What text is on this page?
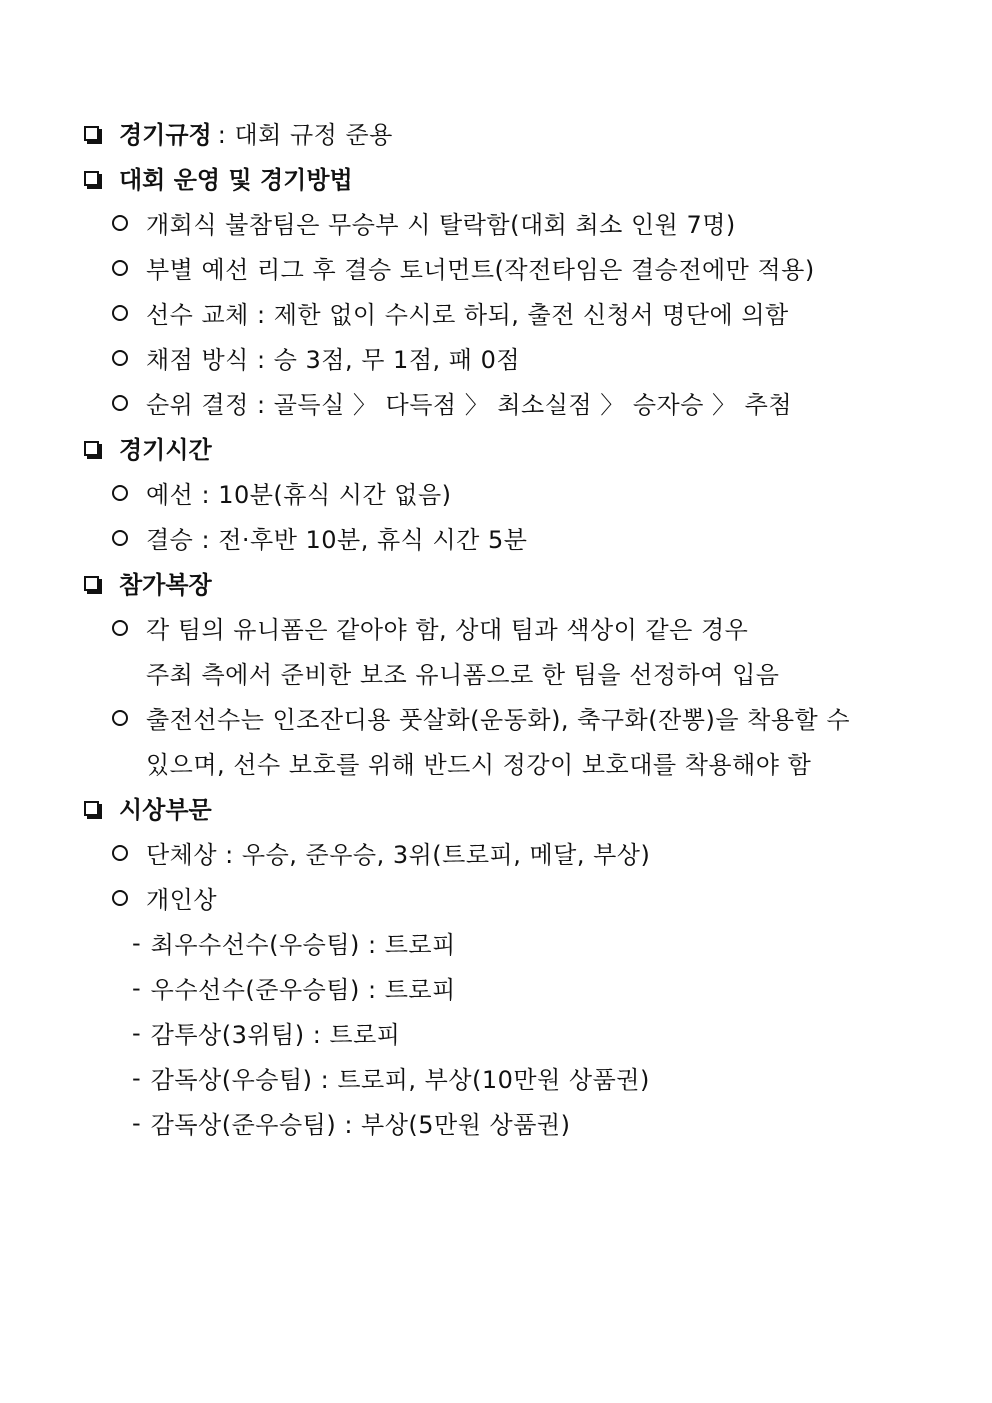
경기규정 : 대회 규정 준용
대회 운영 및 경기방법
개회식 불참팀은 무승부 시 탈락함(대회 최소 인원 7명)
부별 예선 리그 후 결승 토너먼트(작전타임은 결승전에만 적용)
선수 교체 : 제한 없이 수시로 하되, 출전 신청서 명단에 의함
채점 방식 : 승 3점, 무 1점, 패 0점
순위 결정 : 골득실 〉 다득점 〉 최소실점 〉 승자승 〉 추첨
경기시간
예선 : 10분(휴식 시간 없음)
결승 : 전·후반 10분, 휴식 시간 5분
참가복장
각 팀의 유니폼은 같아야 함, 상대 팀과 색상이 같은 경우
주최 측에서 준비한 보조 유니폼으로 한 팀을 선정하여 입음
출전선수는 인조잔디용 풋살화(운동화), 축구화(잔뽕)을 착용할 수
있으며, 선수 보호를 위해 반드시 정강이 보호대를 착용해야 함
시상부문
단체상 : 우승, 준우승, 3위(트로피, 메달, 부상)
개인상
- 최우수선수(우승팀) : 트로피
- 우수선수(준우승팀) : 트로피
- 감투상(3위팀) : 트로피
- 감독상(우승팀) : 트로피, 부상(10만원 상품권)
- 감독상(준우승팀) : 부상(5만원 상품권)
